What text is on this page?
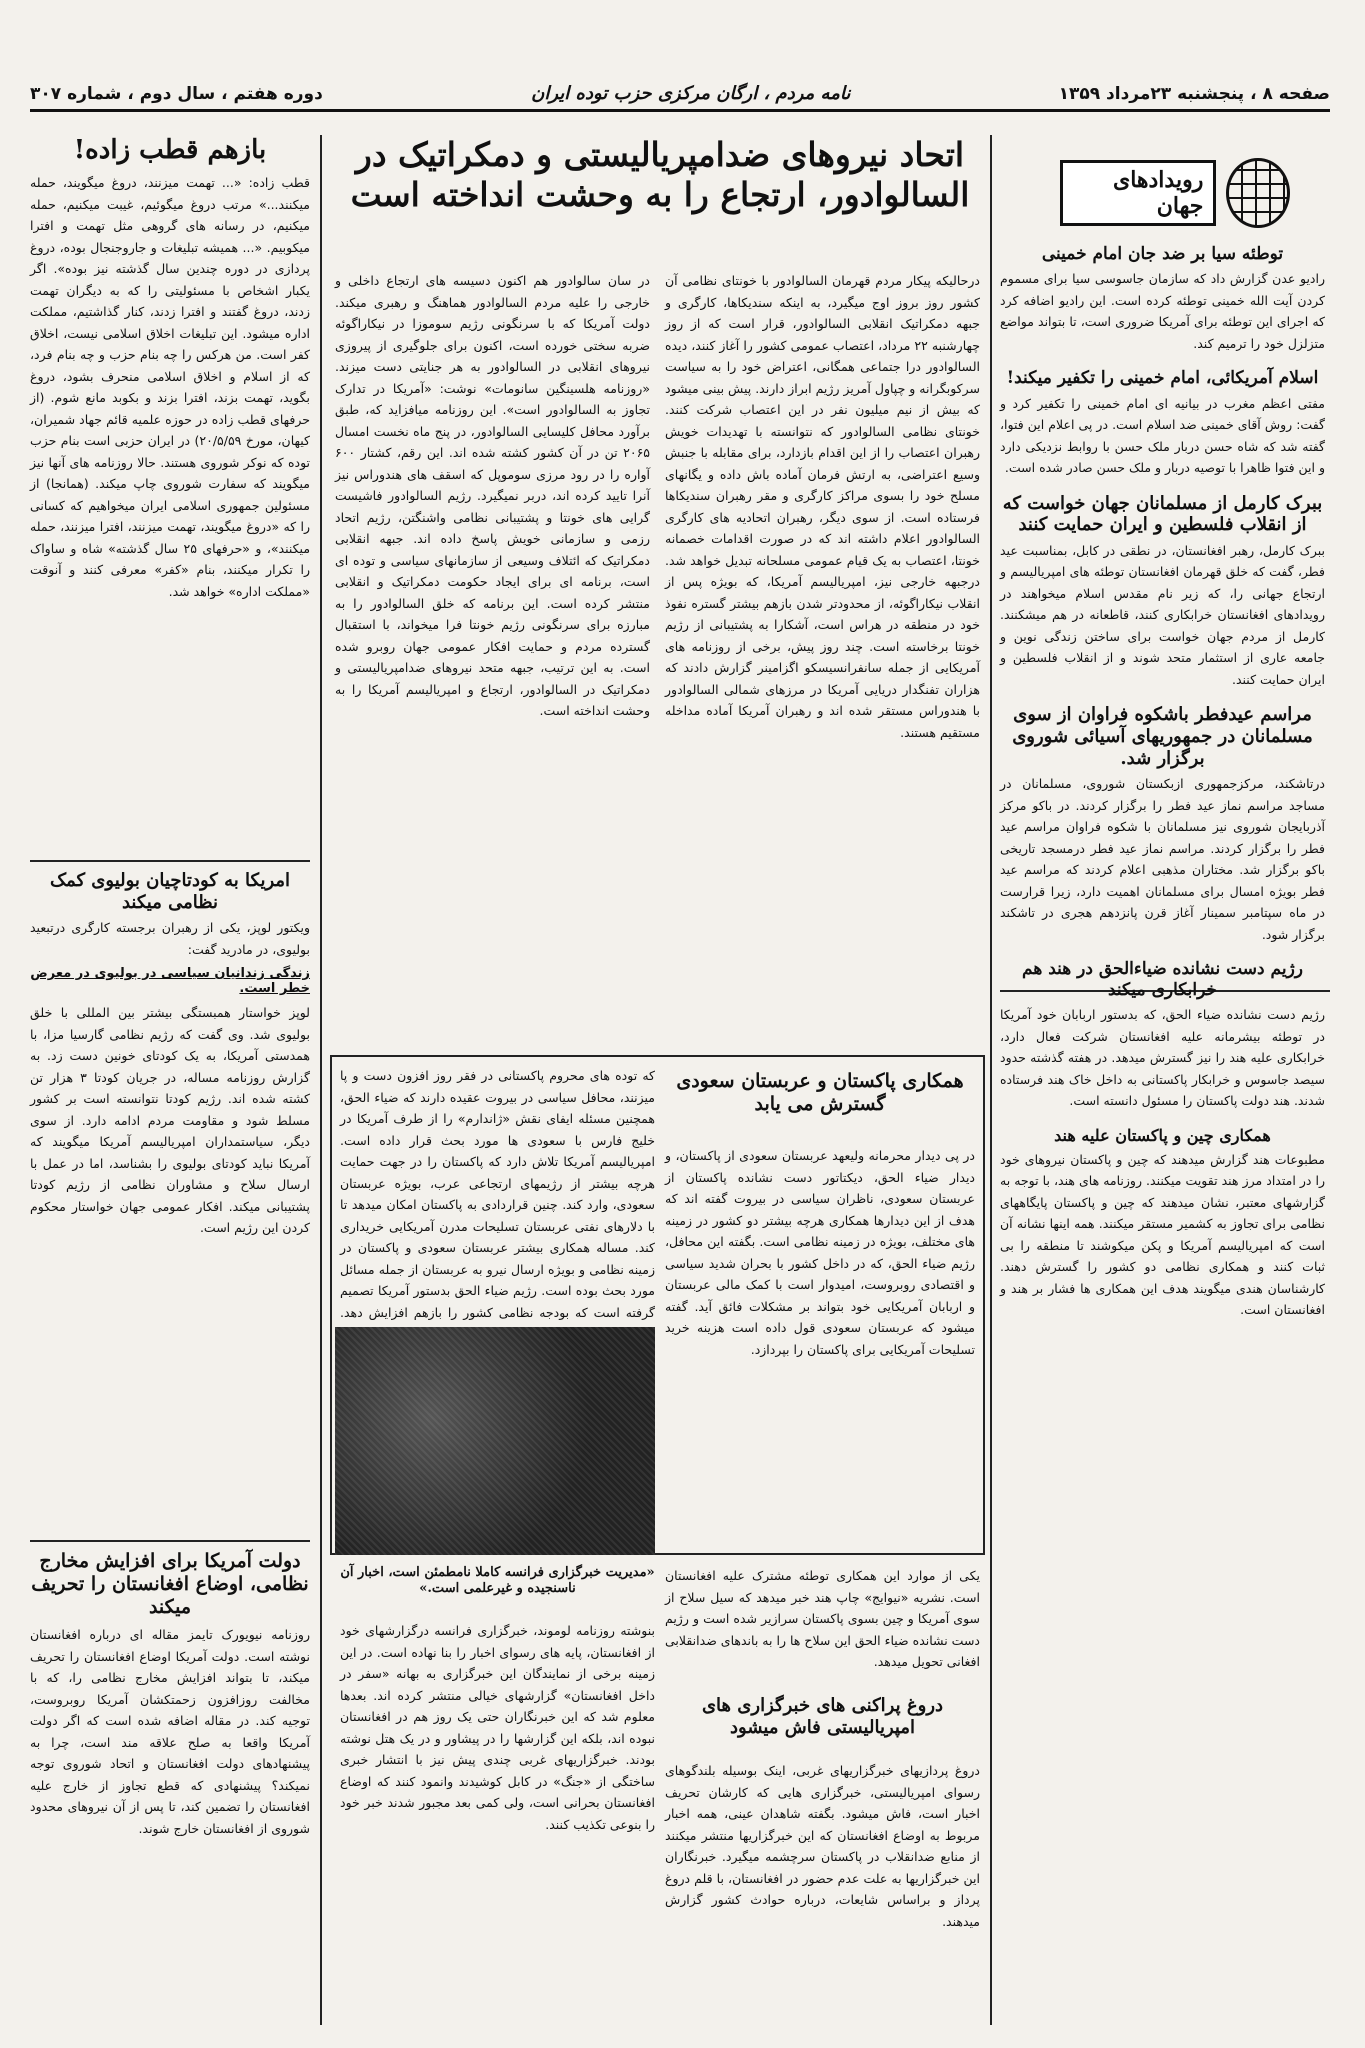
صفحه ۸ ، پنجشنبه ۲۳مرداد ۱۳۵۹
نامه مردم ، ارگان مرکزی حزب توده ایران
دوره هفتم ، سال دوم ، شماره ۳۰۷
رویدادهای جهان
توطئه سیا بر ضد جان امام خمینی
رادیو عدن گزارش داد که سازمان جاسوسی سیا برای مسموم کردن آیت الله خمینی توطئه کرده است. این رادیو اضافه کرد که اجرای این توطئه برای آمریکا ضروری است، تا بتواند مواضع متزلزل خود را ترمیم کند.
اسلام آمریکائی، امام خمینی را تکفیر میکند!
مفتی اعظم مغرب در بیانیه ای امام خمینی را تکفیر کرد و گفت: روش آقای خمینی ضد اسلام است. در پی اعلام این فتوا، گفته شد که شاه حسن دربار ملک حسن با روابط نزدیکی دارد و این فتوا ظاهرا با توصیه دربار و ملک حسن صادر شده است.
ببرک کارمل از مسلمانان جهان خواست که از انقلاب فلسطین و ایران حمایت کنند
ببرک کارمل، رهبر افغانستان، در نطقی در کابل، بمناسبت عید فطر، گفت که خلق قهرمان افغانستان توطئه های امپریالیسم و ارتجاع جهانی را، که زیر نام مقدس اسلام میخواهند در رویدادهای افغانستان خرابکاری کنند، قاطعانه در هم میشکنند. کارمل از مردم جهان خواست برای ساختن زندگی نوین و جامعه عاری از استثمار متحد شوند و از انقلاب فلسطین و ایران حمایت کنند.
مراسم عیدفطر باشکوه فراوان از سوی مسلمانان در جمهوریهای آسیائی شوروی برگزار شد.
درتاشکند، مرکزجمهوری ازبکستان شوروی، مسلمانان در مساجد مراسم نماز عید فطر را برگزار کردند. در باکو مرکز آذربایجان شوروی نیز مسلمانان با شکوه فراوان مراسم عید فطر را برگزار کردند. مراسم نماز عید فطر درمسجد تاریخی باکو برگزار شد. مختاران مذهبی اعلام کردند که مراسم عید فطر بویژه امسال برای مسلمانان اهمیت دارد، زیرا قرارست در ماه سپتامبر سمینار آغاز قرن پانزدهم هجری در تاشکند برگزار شود.
رژیم دست نشانده ضیاءالحق در هند هم خرابکاری میکند
رژیم دست نشانده ضیاء الحق، که بدستور اربابان خود آمریکا در توطئه بیشرمانه علیه افغانستان شرکت فعال دارد، خرابکاری علیه هند را نیز گسترش میدهد. در هفته گذشته حدود سیصد جاسوس و خرابکار پاکستانی به داخل خاک هند فرستاده شدند. هند دولت پاکستان را مسئول دانسته است.
همکاری چین و پاکستان علیه هند
مطبوعات هند گزارش میدهند که چین و پاکستان نیروهای خود را در امتداد مرز هند تقویت میکنند. روزنامه های هند، با توجه به گزارشهای معتبر، نشان میدهند که چین و پاکستان پایگاههای نظامی برای تجاوز به کشمیر مستقر میکنند. همه اینها نشانه آن است که امپریالیسم آمریکا و پکن میکوشند تا منطقه را بی ثبات کنند و همکاری نظامی دو کشور را گسترش دهند. کارشناسان هندی میگویند هدف این همکاری ها فشار بر هند و افغانستان است.
اتحاد نیروهای ضدامپریالیستی و دمکراتیک در السالوادور، ارتجاع را به وحشت انداخته است
درحالیکه پیکار مردم قهرمان السالوادور با خونتای نظامی آن کشور روز بروز اوج میگیرد، به اینکه سندیکاها، کارگری و جبهه دمکراتیک انقلابی السالوادور، قرار است که از روز چهارشنبه ۲۲ مرداد، اعتصاب عمومی کشور را آغاز کنند، دیده السالوادور درا جتماعی همگانی، اعتراض خود را به سیاست سرکوبگرانه و چپاول آمریز رژیم ابراز دارند. پیش بینی میشود که بیش از نیم میلیون نفر در این اعتصاب شرکت کنند. خونتای نظامی السالوادور که نتوانسته با تهدیدات خویش رهبران اعتصاب را از این اقدام بازدارد، برای مقابله با جنبش وسیع اعتراضی، به ارتش فرمان آماده باش داده و یگانهای مسلح خود را بسوی مراکز کارگری و مقر رهبران سندیکاها فرستاده است. از سوی دیگر، رهبران اتحادیه های کارگری السالوادور اعلام داشته اند که در صورت اقدامات خصمانه خونتا، اعتصاب به یک قیام عمومی مسلحانه تبدیل خواهد شد. درجبهه خارجی نیز، امپریالیسم آمریکا، که بویژه پس از انقلاب نیکاراگوئه، از محدودتر شدن بازهم بیشتر گستره نفوذ خود در منطقه در هراس است، آشکارا به پشتیبانی از رژیم خونتا برخاسته است. چند روز پیش، برخی از روزنامه های آمریکایی از جمله سانفرانسیسکو اگزامینر گزارش دادند که هزاران تفنگدار دریایی آمریکا در مرزهای شمالی السالوادور با هندوراس مستقر شده اند و رهبران آمریکا آماده مداخله مستقیم هستند.
در سان سالوادور هم اکنون دسیسه های ارتجاع داخلی و خارجی را علیه مردم السالوادور هماهنگ و رهبری میکند. دولت آمریکا که با سرنگونی رژیم سوموزا در نیکاراگوئه ضربه سختی خورده است، اکنون برای جلوگیری از پیروزی نیروهای انقلابی در السالوادور به هر جنایتی دست میزند. «روزنامه هلسینگین سانومات» نوشت: «آمریکا در تدارک تجاوز به السالوادور است». این روزنامه میافزاید که، طبق برآورد محافل کلیسایی السالوادور، در پنج ماه نخست امسال ۲۰۶۵ تن در آن کشور کشته شده اند. این رقم، کشتار ۶۰۰ آواره را در رود مرزی سوموپل که اسقف های هندوراس نیز آنرا تایید کرده اند، دربر نمیگیرد. رژیم السالوادور فاشیست گرایی های خونتا و پشتیبانی نظامی واشنگتن، رژیم اتحاد رزمی و سازمانی خویش پاسخ داده اند. جبهه انقلابی دمکراتیک که ائتلاف وسیعی از سازمانهای سیاسی و توده ای است، برنامه ای برای ایجاد حکومت دمکراتیک و انقلابی منتشر کرده است. این برنامه که خلق السالوادور را به مبارزه برای سرنگونی رژیم خونتا فرا میخواند، با استقبال گسترده مردم و حمایت افکار عمومی جهان روبرو شده است. به این ترتیب، جبهه متحد نیروهای ضدامپریالیستی و دمکراتیک در السالوادور، ارتجاع و امپریالیسم آمریکا را به وحشت انداخته است.
همکاری پاکستان و عربستان سعودی گسترش می یابد
در پی دیدار محرمانه ولیعهد عربستان سعودی از پاکستان، و دیدار ضیاء الحق، دیکتاتور دست نشانده پاکستان از عربستان سعودی، ناظران سیاسی در بیروت گفته اند که هدف از این دیدارها همکاری هرچه بیشتر دو کشور در زمینه های مختلف، بویژه در زمینه نظامی است. بگفته این محافل، رژیم ضیاء الحق، که در داخل کشور با بحران شدید سیاسی و اقتصادی روبروست، امیدوار است با کمک مالی عربستان و اربابان آمریکایی خود بتواند بر مشکلات فائق آید. گفته میشود که عربستان سعودی قول داده است هزینه خرید تسلیحات آمریکایی برای پاکستان را بپردازد.
که توده های محروم پاکستانی در فقر روز افزون دست و پا میزنند، محافل سیاسی در بیروت عقیده دارند که ضیاء الحق، همچنین مسئله ایفای نقش «ژاندارم» را از طرف آمریکا در خلیج فارس با سعودی ها مورد بحث قرار داده است. امپریالیسم آمریکا تلاش دارد که پاکستان را در جهت حمایت هرچه بیشتر از رژیمهای ارتجاعی عرب، بویژه عربستان سعودی، وارد کند. چنین قراردادی به پاکستان امکان میدهد تا با دلارهای نفتی عربستان تسلیحات مدرن آمریکایی خریداری کند. مساله همکاری بیشتر عربستان سعودی و پاکستان در زمینه نظامی و بویژه ارسال نیرو به عربستان از جمله مسائل مورد بحث بوده است. رژیم ضیاء الحق بدستور آمریکا تصمیم گرفته است که بودجه نظامی کشور را بازهم افزایش دهد.
یکی از موارد این همکاری توطئه مشترک علیه افغانستان است. نشریه «نیوایج» چاپ هند خبر میدهد که سیل سلاح از سوی آمریکا و چین بسوی پاکستان سرازیر شده است و رژیم دست نشانده ضیاء الحق این سلاح ها را به باندهای ضدانقلابی افغانی تحویل میدهد.
دروغ پراکنی های خبرگزاری های امپریالیستی فاش میشود
دروغ پردازیهای خبرگزاریهای غربی، اینک بوسیله بلندگوهای رسوای امپریالیستی، خبرگزاری هایی که کارشان تحریف اخبار است، فاش میشود. بگفته شاهدان عینی، همه اخبار مربوط به اوضاع افغانستان که این خبرگزاریها منتشر میکنند از منابع ضدانقلاب در پاکستان سرچشمه میگیرد. خبرنگاران این خبرگزاریها به علت عدم حضور در افغانستان، با قلم دروغ پرداز و براساس شایعات، درباره حوادث کشور گزارش میدهند.
«مدیریت خبرگزاری فرانسه کاملا نامطمئن است، اخبار آن ناسنجیده و غیرعلمی است.»
بنوشته روزنامه لوموند، خبرگزاری فرانسه درگزارشهای خود از افغانستان، پایه های رسوای اخبار را بنا نهاده است. در این زمینه برخی از نمایندگان این خبرگزاری به بهانه «سفر در داخل افغانستان» گزارشهای خیالی منتشر کرده اند. بعدها معلوم شد که این خبرنگاران حتی یک روز هم در افغانستان نبوده اند، بلکه این گزارشها را در پیشاور و در یک هتل نوشته بودند. خبرگزاریهای غربی چندی پیش نیز با انتشار خبری ساختگی از «جنگ» در کابل کوشیدند وانمود کنند که اوضاع افغانستان بحرانی است، ولی کمی بعد مجبور شدند خبر خود را بنوعی تکذیب کنند.
بازهم قطب زاده!
قطب زاده: «... تهمت میزنند، دروغ میگویند، حمله میکنند...» مرتب دروغ میگوئیم، غیبت میکنیم، حمله میکنیم، در رسانه های گروهی مثل تهمت و افترا میکوبیم. «... همیشه تبلیغات و جاروجنجال بوده، دروغ پردازی در دوره چندین سال گذشته نیز بوده». اگر یکبار اشخاص با مسئولیتی را که به دیگران تهمت زدند، دروغ گفتند و افترا زدند، کنار گذاشتیم، مملکت اداره میشود. این تبلیغات اخلاق اسلامی نیست، اخلاق کفر است. من هرکس را چه بنام حزب و چه بنام فرد، که از اسلام و اخلاق اسلامی منحرف بشود، دروغ بگوید، تهمت بزند، افترا بزند و بکوبد مانع شوم. (از حرفهای قطب زاده در حوزه علمیه قائم جهاد شمیران، کیهان، مورخ ۲۰/۵/۵۹) در ایران حزبی است بنام حزب توده که نوکر شوروی هستند. حالا روزنامه های آنها نیز میگویند که سفارت شوروی چاپ میکند. (همانجا) از مسئولین جمهوری اسلامی ایران میخواهیم که کسانی را که «دروغ میگویند، تهمت میزنند، افترا میزنند، حمله میکنند»، و «حرفهای ۲۵ سال گذشته» شاه و ساواک را تکرار میکنند، بنام «کفر» معرفی کنند و آنوقت «مملکت اداره» خواهد شد.
امریکا به کودتاچیان بولیوی کمک نظامی میکند
ویکتور لوپز، یکی از رهبران برجسته کارگری درتبعید بولیوی، در مادرید گفت:
زندگی زندانیان سیاسی در بولیوی در معرض خطر است.
لوپز خواستار همبستگی بیشتر بین المللی با خلق بولیوی شد. وی گفت که رژیم نظامی گارسیا مزا، با همدستی آمریکا، به یک کودتای خونین دست زد. به گزارش روزنامه مساله، در جریان کودتا ۳ هزار تن کشته شده اند. رژیم کودتا نتوانسته است بر کشور مسلط شود و مقاومت مردم ادامه دارد. از سوی دیگر، سیاستمداران امپریالیسم آمریکا میگویند که آمریکا نباید کودتای بولیوی را بشناسد، اما در عمل با ارسال سلاح و مشاوران نظامی از رژیم کودتا پشتیبانی میکند. افکار عمومی جهان خواستار محکوم کردن این رژیم است.
دولت آمریکا برای افزایش مخارج نظامی، اوضاع افغانستان را تحریف میکند
روزنامه نیویورک تایمز مقاله ای درباره افغانستان نوشته است. دولت آمریکا اوضاع افغانستان را تحریف میکند، تا بتواند افزایش مخارج نظامی را، که با مخالفت روزافزون زحمتکشان آمریکا روبروست، توجیه کند. در مقاله اضافه شده است که اگر دولت آمریکا واقعا به صلح علاقه مند است، چرا به پیشنهادهای دولت افغانستان و اتحاد شوروی توجه نمیکند؟ پیشنهادی که قطع تجاوز از خارج علیه افغانستان را تضمین کند، تا پس از آن نیروهای محدود شوروی از افغانستان خارج شوند.
